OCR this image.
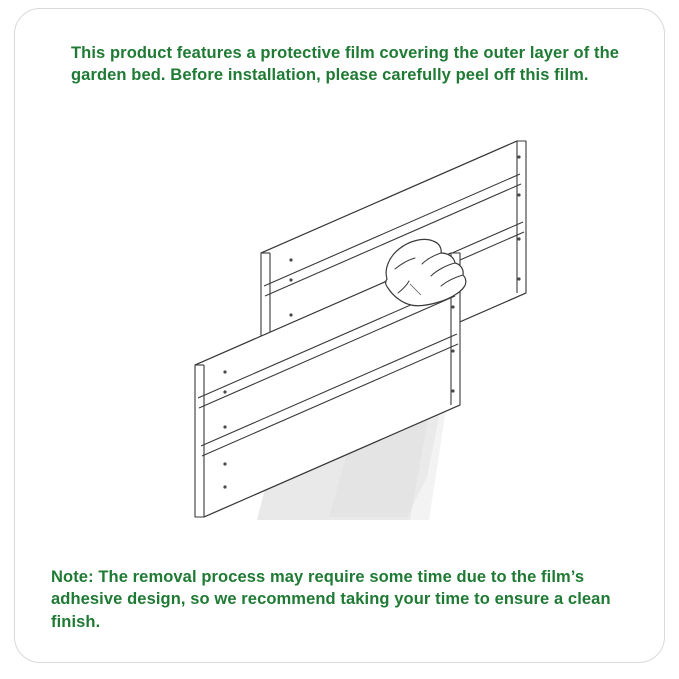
This product features a protective film covering the outer layer of the garden bed. Before installation, please carefully peel off this film.
Note: The removal process may require some time due to the film’s adhesive design, so we recommend taking your time to ensure a clean finish.
